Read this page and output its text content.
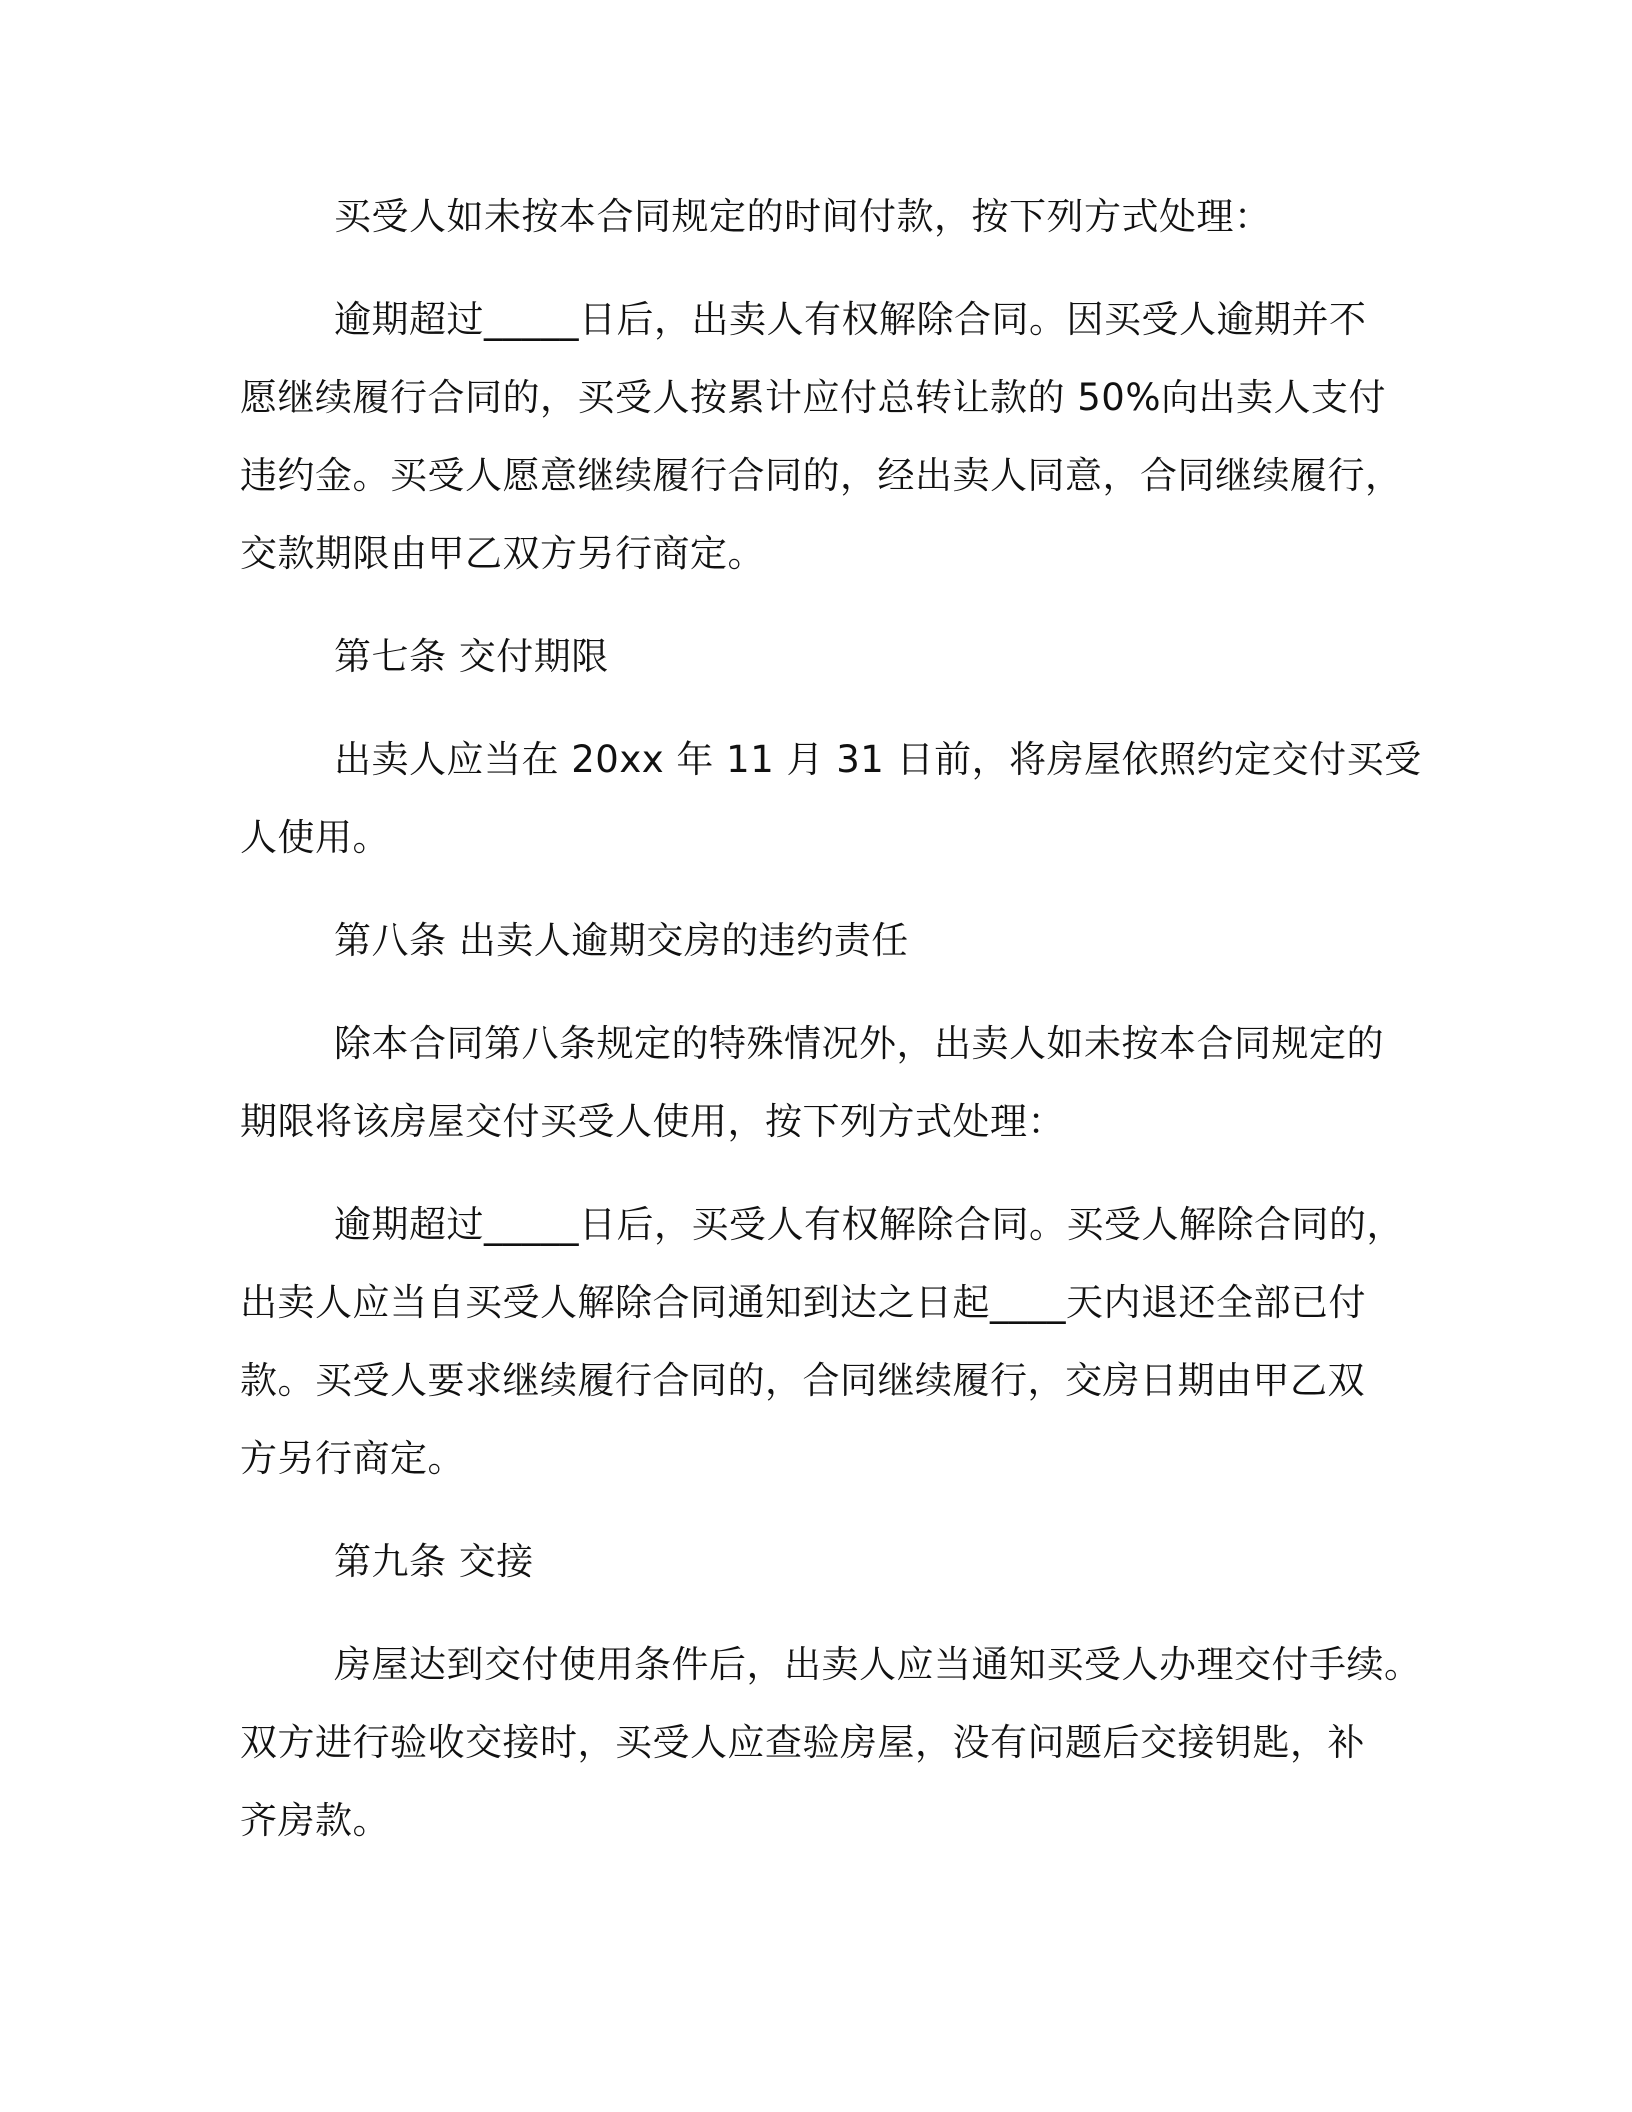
买受人如未按本合同规定的时间付款，按下列方式处理：
逾期超过_____日后，出卖人有权解除合同。因买受人逾期并不
愿继续履行合同的，买受人按累计应付总转让款的 50%向出卖人支付
违约金。买受人愿意继续履行合同的，经出卖人同意，合同继续履行，
交款期限由甲乙双方另行商定。
第七条 交付期限
出卖人应当在 20xx 年 11 月 31 日前，将房屋依照约定交付买受
人使用。
第八条 出卖人逾期交房的违约责任
除本合同第八条规定的特殊情况外，出卖人如未按本合同规定的
期限将该房屋交付买受人使用，按下列方式处理：
逾期超过_____日后，买受人有权解除合同。买受人解除合同的，
出卖人应当自买受人解除合同通知到达之日起____天内退还全部已付
款。买受人要求继续履行合同的，合同继续履行，交房日期由甲乙双
方另行商定。
第九条 交接
房屋达到交付使用条件后，出卖人应当通知买受人办理交付手续。
双方进行验收交接时，买受人应查验房屋，没有问题后交接钥匙，补
齐房款。
